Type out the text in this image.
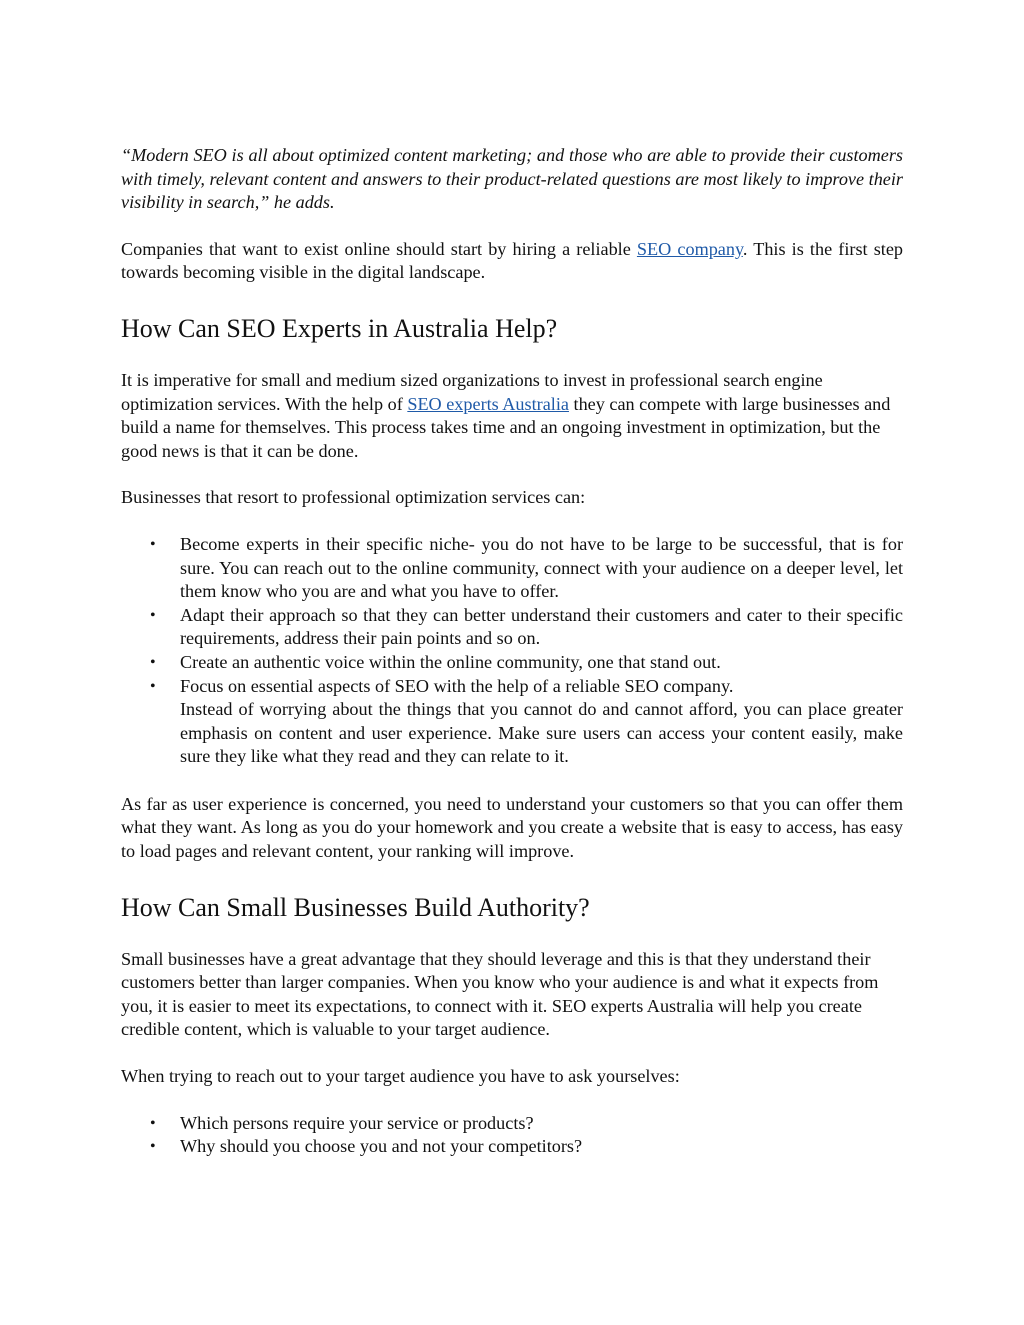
“Modern SEO is all about optimized content marketing; and those who are able to provide their customers with timely, relevant content and answers to their product-related questions are most likely to improve their visibility in search,” he adds.

Companies that want to exist online should start by hiring a reliable SEO company. This is the first step towards becoming visible in the digital landscape.

How Can SEO Experts in Australia Help?

It is imperative for small and medium sized organizations to invest in professional search engine optimization services. With the help of SEO experts Australia they can compete with large businesses and build a name for themselves. This process takes time and an ongoing investment in optimization, but the good news is that it can be done.

Businesses that resort to professional optimization services can:

• Become experts in their specific niche- you do not have to be large to be successful, that is for sure. You can reach out to the online community, connect with your audience on a deeper level, let them know who you are and what you have to offer.
• Adapt their approach so that they can better understand their customers and cater to their specific requirements, address their pain points and so on.
• Create an authentic voice within the online community, one that stand out.
• Focus on essential aspects of SEO with the help of a reliable SEO company.
Instead of worrying about the things that you cannot do and cannot afford, you can place greater emphasis on content and user experience. Make sure users can access your content easily, make sure they like what they read and they can relate to it.

As far as user experience is concerned, you need to understand your customers so that you can offer them what they want. As long as you do your homework and you create a website that is easy to access, has easy to load pages and relevant content, your ranking will improve.

How Can Small Businesses Build Authority?

Small businesses have a great advantage that they should leverage and this is that they understand their customers better than larger companies. When you know who your audience is and what it expects from you, it is easier to meet its expectations, to connect with it. SEO experts Australia will help you create credible content, which is valuable to your target audience.

When trying to reach out to your target audience you have to ask yourselves:

• Which persons require your service or products?
• Why should you choose you and not your competitors?
